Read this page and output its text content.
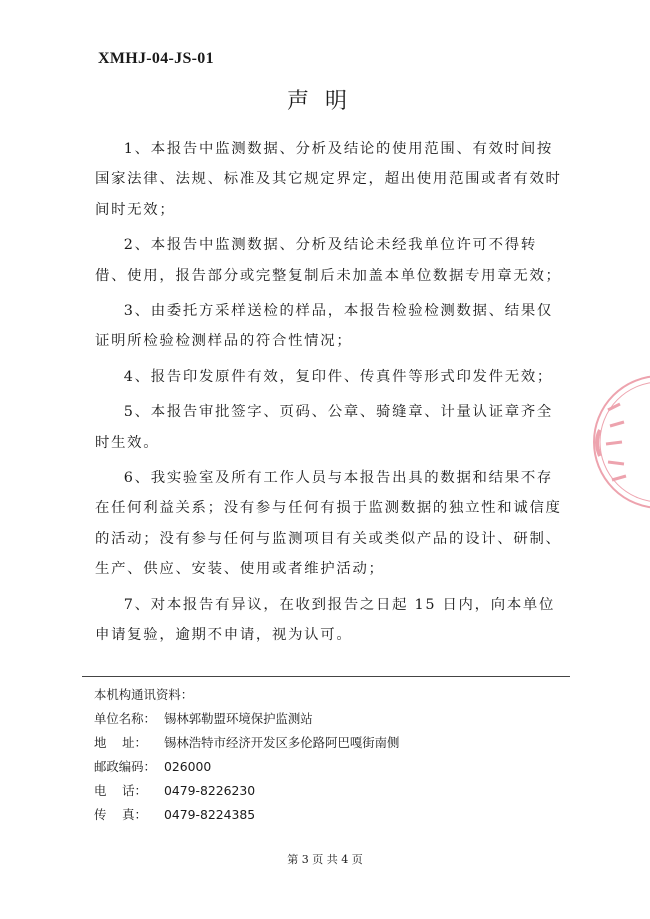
XMHJ-04-JS-01
声明

1、本报告中监测数据、分析及结论的使用范围、有效时间按国家法律、法规、标准及其它规定界定，超出使用范围或者有效时间时无效；

2、本报告中监测数据、分析及结论未经我单位许可不得转借、使用，报告部分或完整复制后未加盖本单位数据专用章无效；

3、由委托方采样送检的样品，本报告检验检测数据、结果仅证明所检验检测样品的符合性情况；

4、报告印发原件有效，复印件、传真件等形式印发件无效；

5、本报告审批签字、页码、公章、骑缝章、计量认证章齐全时生效。

6、我实验室及所有工作人员与本报告出具的数据和结果不存在任何利益关系；没有参与任何有损于监测数据的独立性和诚信度的活动；没有参与任何与监测项目有关或类似产品的设计、研制、生产、供应、安装、使用或者维护活动；

7、对本报告有异议，在收到报告之日起 15 日内，向本单位申请复验，逾期不申请，视为认可。

本机构通讯资料：
单位名称： 锡林郭勒盟环境保护监测站
地    址： 锡林浩特市经济开发区多伦路阿巴嘎街南侧
邮政编码： 026000
电    话： 0479-8226230
传    真： 0479-8224385
第 3 页 共 4 页
